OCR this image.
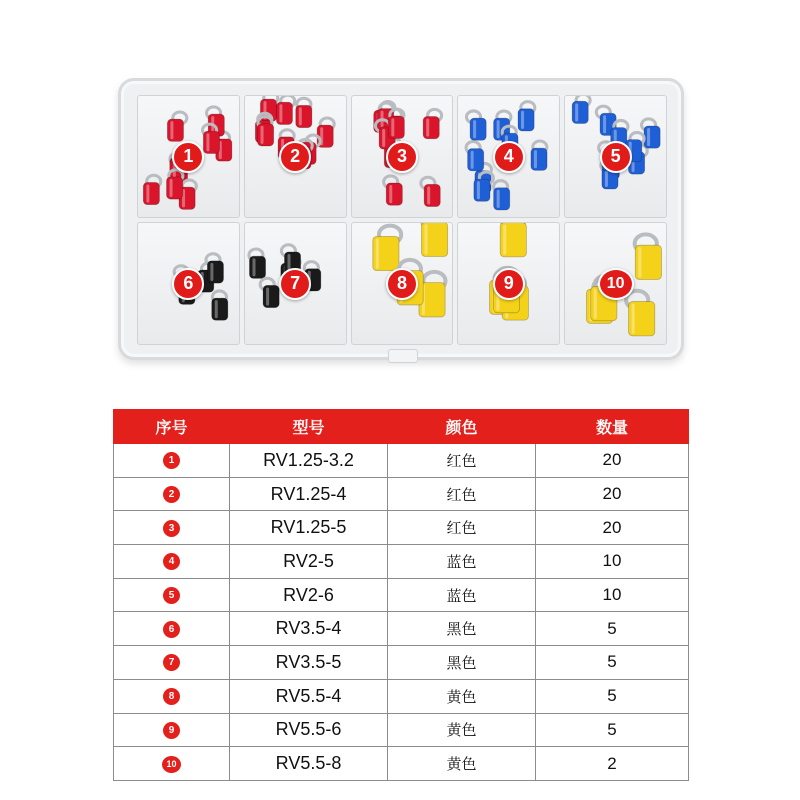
1	2	3	4	5
6	7	8	9	10
序号	型号	颜色	数量
1	RV1.25-3.2	红色	20
2	RV1.25-4	红色	20
3	RV1.25-5	红色	20
4	RV2-5	蓝色	10
5	RV2-6	蓝色	10
6	RV3.5-4	黑色	5
7	RV3.5-5	黑色	5
8	RV5.5-4	黄色	5
9	RV5.5-6	黄色	5
10	RV5.5-8	黄色	2
